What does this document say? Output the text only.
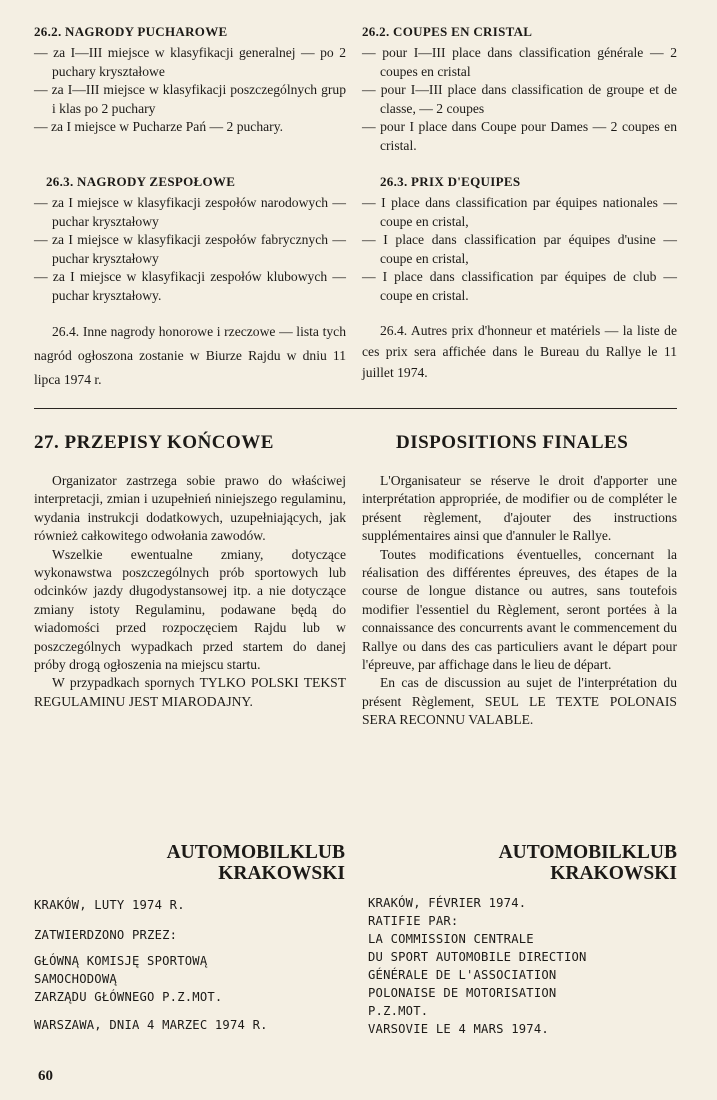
26.2. NAGRODY PUCHAROWE

— za I—III miejsce w klasyfikacji generalnej — po 2 puchary kryształowe

— za I—III miejsce w klasyfikacji poszczególnych grup i klas po 2 puchary

— za I miejsce w Pucharze Pań — 2 puchary.

26.3. NAGRODY ZESPOŁOWE

— za I miejsce w klasyfikacji zespołów narodowych — puchar kryształowy

— za I miejsce w klasyfikacji zespołów fabrycznych — puchar kryształowy

— za I miejsce w klasyfikacji zespołów klubowych — puchar kryształowy.

26.4. Inne nagrody honorowe i rzeczowe — lista tych nagród ogłoszona zostanie w Biurze Rajdu w dniu 11 lipca 1974 r.

26.2. COUPES EN CRISTAL

— pour I—III place dans classification générale — 2 coupes en cristal

— pour I—III place dans classification de groupe et de classe, — 2 coupes

— pour I place dans Coupe pour Dames — 2 coupes en cristal.

26.3. PRIX D'EQUIPES

— I place dans classification par équipes nationales — coupe en cristal,

— I place dans classification par équipes d'usine — coupe en cristal,

— I place dans classification par équipes de club — coupe en cristal.

26.4. Autres prix d'honneur et matériels — la liste de ces prix sera affichée dans le Bureau du Rallye le 11 juillet 1974.

27. PRZEPISY KOŃCOWE	DISPOSITIONS FINALES

Organizator zastrzega sobie prawo do właściwej interpretacji, zmian i uzupełnień niniejszego regulaminu, wydania instrukcji dodatkowych, uzupełniających, jak również całkowitego odwołania zawodów.

Wszelkie ewentualne zmiany, dotyczące wykonawstwa poszczególnych prób sportowych lub odcinków jazdy długodystansowej itp. a nie dotyczące zmiany istoty Regulaminu, podawane będą do wiadomości przed rozpoczęciem Rajdu lub w poszczególnych wypadkach przed startem do danej próby drogą ogłoszenia na miejscu startu.

W przypadkach spornych TYLKO POLSKI TEKST REGULAMINU JEST MIARODAJNY.

L'Organisateur se réserve le droit d'apporter une interprétation appropriée, de modifier ou de compléter le présent règlement, d'ajouter des instructions supplémentaires ainsi que d'annuler le Rallye.

Toutes modifications éventuelles, concernant la réalisation des différentes épreuves, des étapes de la course de longue distance ou autres, sans toutefois modifier l'essentiel du Règlement, seront portées à la connaissance des concurrents avant le commencement du Rallye ou dans des cas particuliers avant le départ pour l'épreuve, par affichage dans le lieu de départ.

En cas de discussion au sujet de l'interprétation du présent Règlement, SEUL LE TEXTE POLONAIS SERA RECONNU VALABLE.

AUTOMOBILKLUB
KRAKOWSKI
AUTOMOBILKLUB
KRAKOWSKI

KRAKÓW, LUTY 1974 R.

ZATWIERDZONO PRZEZ:

GŁÓWNĄ KOMISJĘ SPORTOWĄ

SAMOCHODOWĄ

ZARZĄDU GŁÓWNEGO P.Z.MOT.

WARSZAWA, DNIA 4 MARZEC 1974 R.

KRAKÓW, FÉVRIER 1974.

RATIFIE PAR:

LA COMMISSION CENTRALE

DU SPORT AUTOMOBILE DIRECTION

GÉNÉRALE DE L'ASSOCIATION

POLONAISE DE MOTORISATION

P.Z.MOT.

VARSOVIE LE 4 MARS 1974.

60
